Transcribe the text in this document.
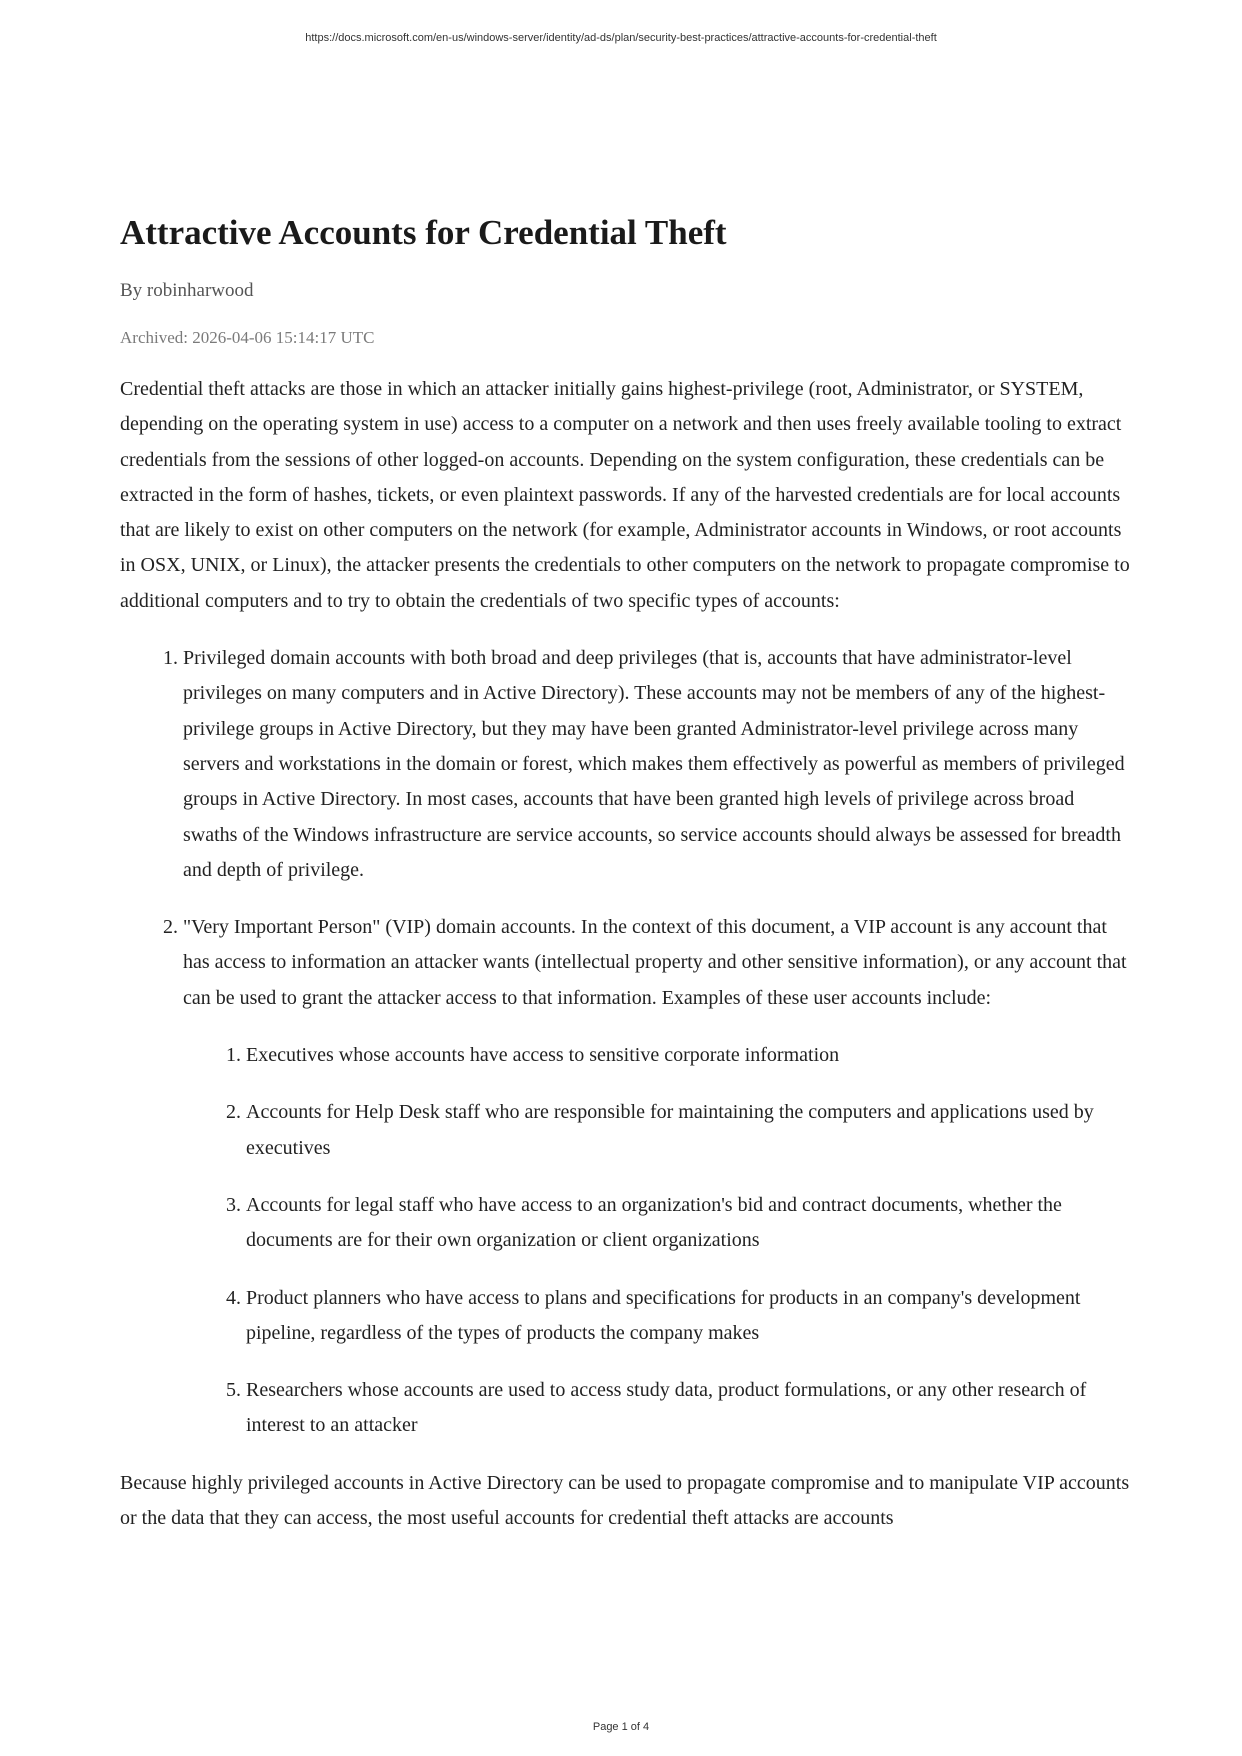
https://docs.microsoft.com/en-us/windows-server/identity/ad-ds/plan/security-best-practices/attractive-accounts-for-credential-theft
Attractive Accounts for Credential Theft
By robinharwood
Archived: 2026-04-06 15:14:17 UTC

Credential theft attacks are those in which an attacker initially gains highest-privilege (root, Administrator, or SYSTEM, depending on the operating system in use) access to a computer on a network and then uses freely available tooling to extract credentials from the sessions of other logged-on accounts. Depending on the system configuration, these credentials can be extracted in the form of hashes, tickets, or even plaintext passwords. If any of the harvested credentials are for local accounts that are likely to exist on other computers on the network (for example, Administrator accounts in Windows, or root accounts in OSX, UNIX, or Linux), the attacker presents the credentials to other computers on the network to propagate compromise to additional computers and to try to obtain the credentials of two specific types of accounts:

1. Privileged domain accounts with both broad and deep privileges (that is, accounts that have administrator-level privileges on many computers and in Active Directory). These accounts may not be members of any of the highest-privilege groups in Active Directory, but they may have been granted Administrator-level privilege across many servers and workstations in the domain or forest, which makes them effectively as powerful as members of privileged groups in Active Directory. In most cases, accounts that have been granted high levels of privilege across broad swaths of the Windows infrastructure are service accounts, so service accounts should always be assessed for breadth and depth of privilege.
2. "Very Important Person" (VIP) domain accounts. In the context of this document, a VIP account is any account that has access to information an attacker wants (intellectual property and other sensitive information), or any account that can be used to grant the attacker access to that information. Examples of these user accounts include:
1. Executives whose accounts have access to sensitive corporate information
2. Accounts for Help Desk staff who are responsible for maintaining the computers and applications used by executives
3. Accounts for legal staff who have access to an organization's bid and contract documents, whether the documents are for their own organization or client organizations
4. Product planners who have access to plans and specifications for products in an company's development pipeline, regardless of the types of products the company makes
5. Researchers whose accounts are used to access study data, product formulations, or any other research of interest to an attacker

Because highly privileged accounts in Active Directory can be used to propagate compromise and to manipulate VIP accounts or the data that they can access, the most useful accounts for credential theft attacks are accounts

Page 1 of 4
